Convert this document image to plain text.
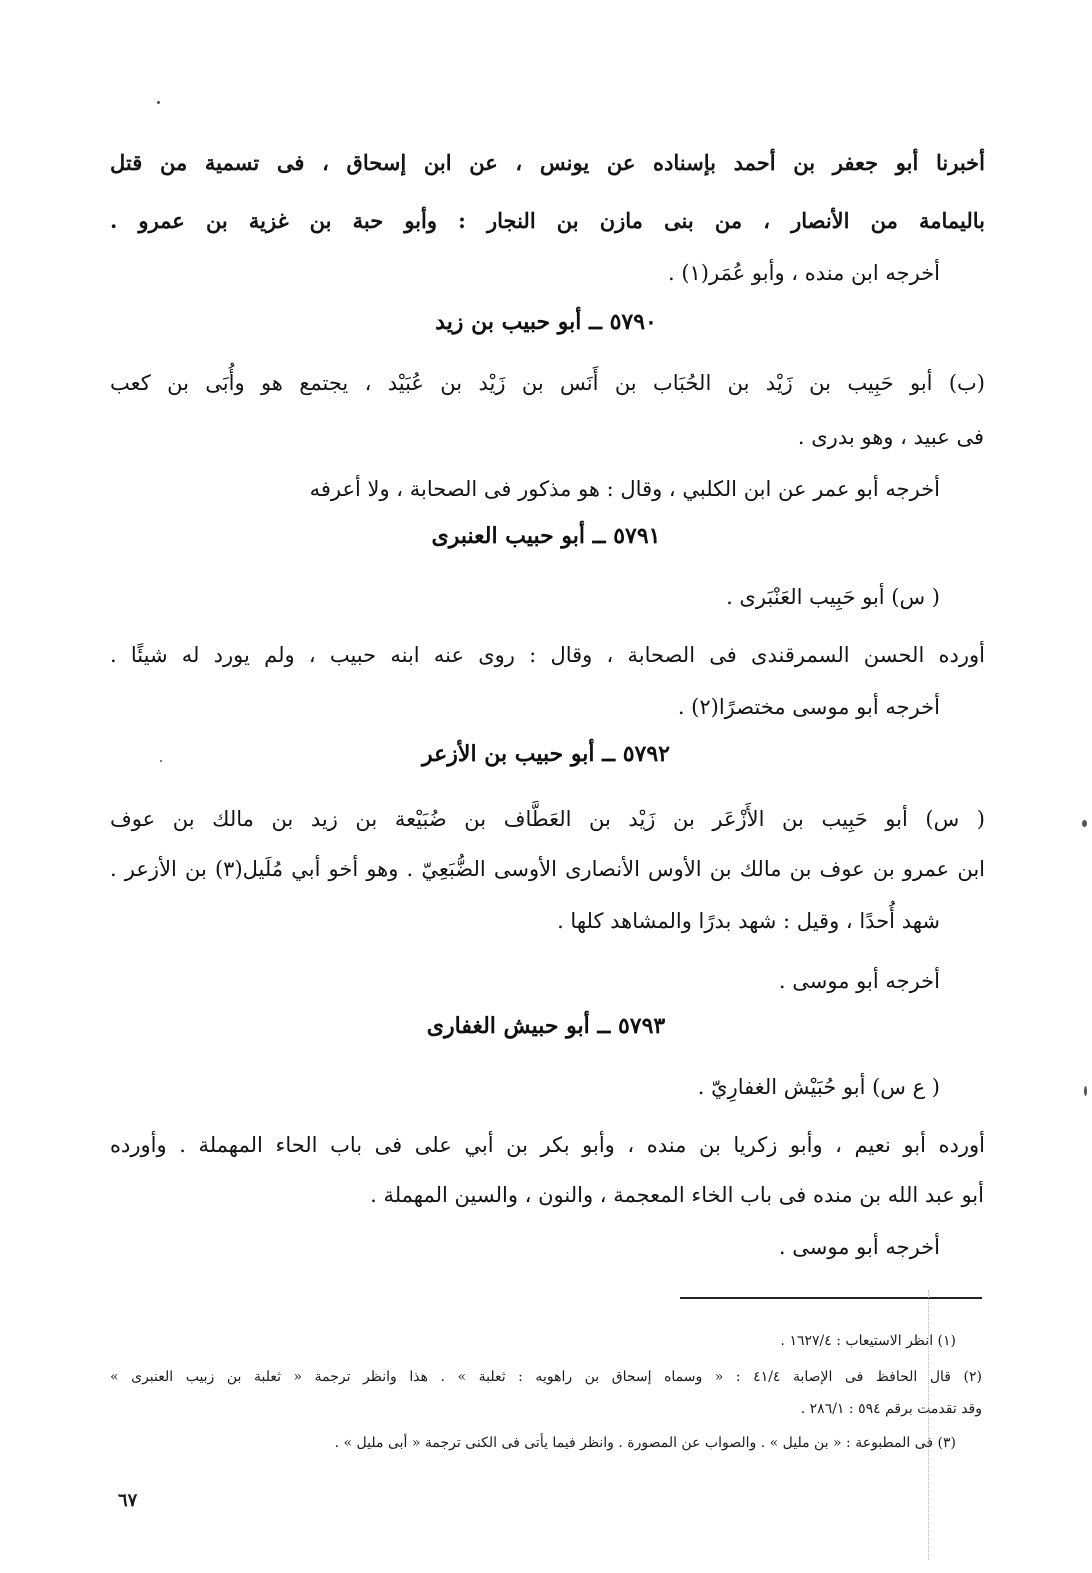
أخبرنا أبو جعفر بن أحمد بإسناده عن يونس ، عن ابن إسحاق ، فى تسمية من قتل
باليمامة من الأنصار ، من بنى مازن بن النجار : وأبو حبة بن غزية بن عمرو .
أخرجه ابن منده ، وأبو عُمَر(١) .
٥٧٩٠ ــ أبو حبيب بن زيد
(ب) أبو حَبِيب بن زَيْد بن الحُبَاب بن أَنَس بن زَيْد بن عُبَيْد ، يجتمع هو وأُبَى بن كعب
فى عبيد ، وهو بدرى .
أخرجه أبو عمر عن ابن الكلبي ، وقال : هو مذكور فى الصحابة ، ولا أعرفه
٥٧٩١ ــ أبو حبيب العنبرى
( س) أبو حَبِيب العَنْبَرى .
أورده الحسن السمرقندى فى الصحابة ، وقال : روى عنه ابنه حبيب ، ولم يورد له شيئًا .
أخرجه أبو موسى مختصرًا(٢) .
٥٧٩٢ ــ أبو حبيب بن الأزعر
( س) أبو حَبِيب بن الأَزْعَر بن زَيْد بن العَطَّاف بن ضُبَيْعة بن زيد بن مالك بن عوف
ابن عمرو بن عوف بن مالك بن الأوس الأنصارى الأوسى الضُّبَعِيّ . وهو أخو أبي مُلَيل(٣) بن الأزعر .
شهد أُحدًا ، وقيل : شهد بدرًا والمشاهد كلها .
أخرجه أبو موسى .
٥٧٩٣ ــ أبو حبيش الغفارى
( ع س) أبو حُبَيْش الغفارِيّ .
أورده أبو نعيم ، وأبو زكريا بن منده ، وأبو بكر بن أبي على فى باب الحاء المهملة . وأورده
أبو عبد الله بن منده فى باب الخاء المعجمة ، والنون ، والسين المهملة .
أخرجه أبو موسى .
(١) انظر الاستيعاب : ١٦٢٧/٤ .
(٢) قال الحافظ فى الإصابة ٤١/٤ : « وسماه إسحاق بن راهويه : ثعلبة » . هذا وانظر ترجمة « ثعلبة بن زبيب العنبرى »
وقد تقدمت برقم ٥٩٤ : ٢٨٦/١ .
(٣) فى المطبوعة : « بن مليل » . والصواب عن المصورة . وانظر فيما يأتى فى الكنى ترجمة « أبى مليل » .
٦٧
